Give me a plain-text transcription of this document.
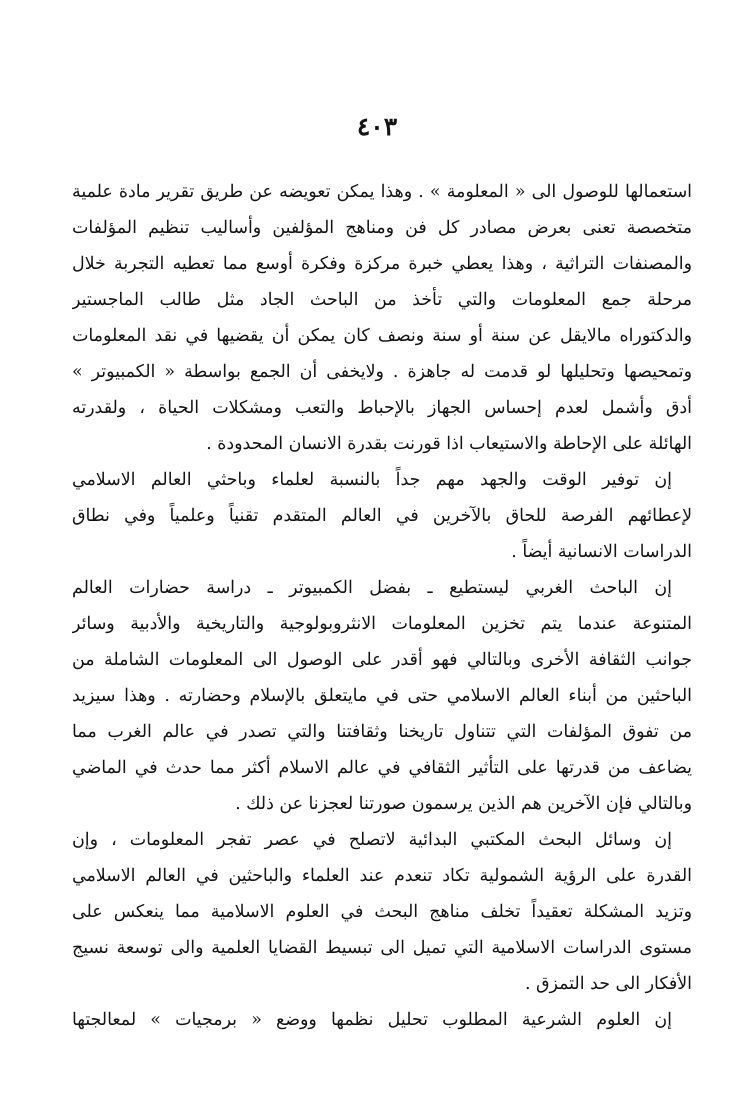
٤٠٣
استعمالها للوصول الى « المعلومة » . وهذا يمكن تعويضه عن طريق تقرير مادة علمية
متخصصة تعنى بعرض مصادر كل فن ومناهج المؤلفين وأساليب تنظيم المؤلفات
والمصنفات التراثية ، وهذا يعطي خبرة مركزة وفكرة أوسع مما تعطيه التجربة خلال
مرحلة جمع المعلومات والتي تأخذ من الباحث الجاد مثل طالب الماجستير
والدكتوراه مالايقل عن سنة أو سنة ونصف كان يمكن أن يقضيها في نقد المعلومات
وتمحيصها وتحليلها لو قدمت له جاهزة . ولايخفى أن الجمع بواسطة « الكمبيوتر »
أدق وأشمل لعدم إحساس الجهاز بالإحباط والتعب ومشكلات الحياة ، ولقدرته
الهائلة على الإحاطة والاستيعاب اذا قورنت بقدرة الانسان المحدودة .
إن توفير الوقت والجهد مهم جداً بالنسبة لعلماء وباحثي العالم الاسلامي
لإعطائهم الفرصة للحاق بالآخرين في العالم المتقدم تقنياً وعلمياً وفي نطاق
الدراسات الانسانية أيضاً .
إن الباحث الغربي ليستطيع ـ بفضل الكمبيوتر ـ دراسة حضارات العالم
المتنوعة عندما يتم تخزين المعلومات الانثروبولوجية والتاريخية والأدبية وسائر
جوانب الثقافة الأخرى وبالتالي فهو أقدر على الوصول الى المعلومات الشاملة من
الباحثين من أبناء العالم الاسلامي حتى في مايتعلق بالإسلام وحضارته . وهذا سيزيد
من تفوق المؤلفات التي تتناول تاريخنا وثقافتنا والتي تصدر في عالم الغرب مما
يضاعف من قدرتها على التأثير الثقافي في عالم الاسلام أكثر مما حدث في الماضي
وبالتالي فإن الآخرين هم الذين يرسمون صورتنا لعجزنا عن ذلك .
إن وسائل البحث المكتبي البدائية لاتصلح في عصر تفجر المعلومات ، وإن
القدرة على الرؤية الشمولية تكاد تنعدم عند العلماء والباحثين في العالم الاسلامي
وتزيد المشكلة تعقيداً تخلف مناهج البحث في العلوم الاسلامية مما ينعكس على
مستوى الدراسات الاسلامية التي تميل الى تبسيط القضايا العلمية والى توسعة نسيج
الأفكار الى حد التمزق .
إن العلوم الشرعية المطلوب تحليل نظمها ووضع « برمجيات » لمعالجتها
